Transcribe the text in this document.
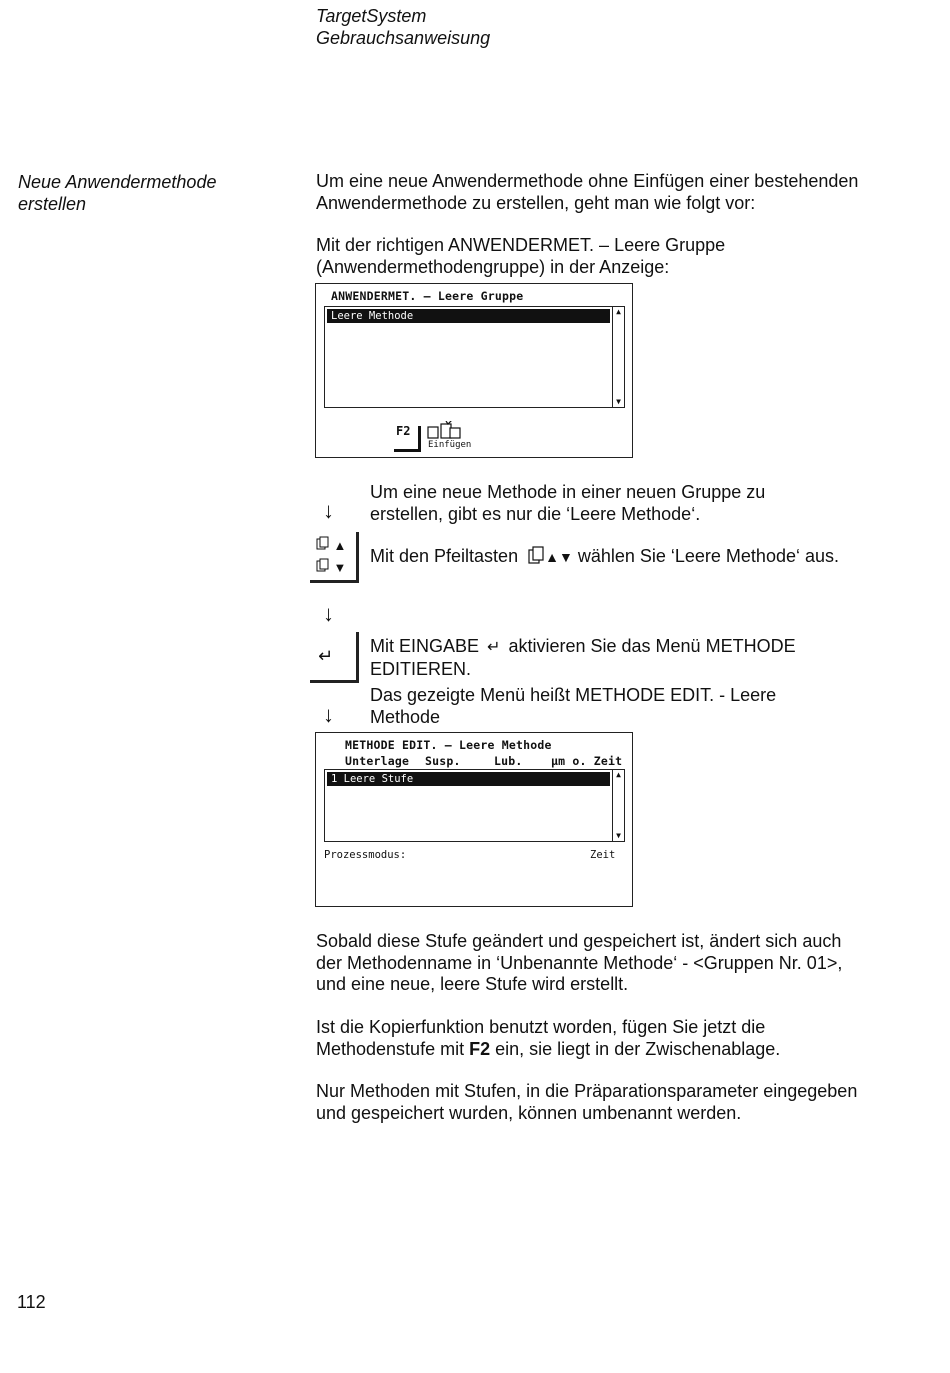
TargetSystem
Gebrauchsanweisung
Neue Anwendermethode
erstellen
Um eine neue Anwendermethode ohne Einfügen einer bestehenden
Anwendermethode zu erstellen, geht man wie folgt vor:
Mit der richtigen ANWENDERMET. – Leere Gruppe
(Anwendermethodengruppe) in der Anzeige:
ANWENDERMET. – Leere Gruppe
Leere Methode	▲
▼
F2
Einfügen
Um eine neue Methode in einer neuen Gruppe zu
erstellen, gibt es nur die ‘Leere Methode‘.
↓
▲
▼
Mit den Pfeiltasten ▲▼ wählen Sie ‘Leere Methode‘ aus.
↓
↵ Mit EINGABE ↵ aktivieren Sie das Menü METHODE
EDITIEREN.
Das gezeigte Menü heißt METHODE EDIT. - Leere
Methode
↓
METHODE EDIT. – Leere Methode
Unterlage Susp.	Lub. µm o. Zeit
1 Leere Stufe	▲
▼
Prozessmodus:	Zeit
Sobald diese Stufe geändert und gespeichert ist, ändert sich auch
der Methodenname in ‘Unbenannte Methode‘ - <Gruppen Nr. 01>,
und eine neue, leere Stufe wird erstellt.
Ist die Kopierfunktion benutzt worden, fügen Sie jetzt die
Methodenstufe mit F2 ein, sie liegt in der Zwischenablage.
Nur Methoden mit Stufen, in die Präparationsparameter eingegeben
und gespeichert wurden, können umbenannt werden.
112
